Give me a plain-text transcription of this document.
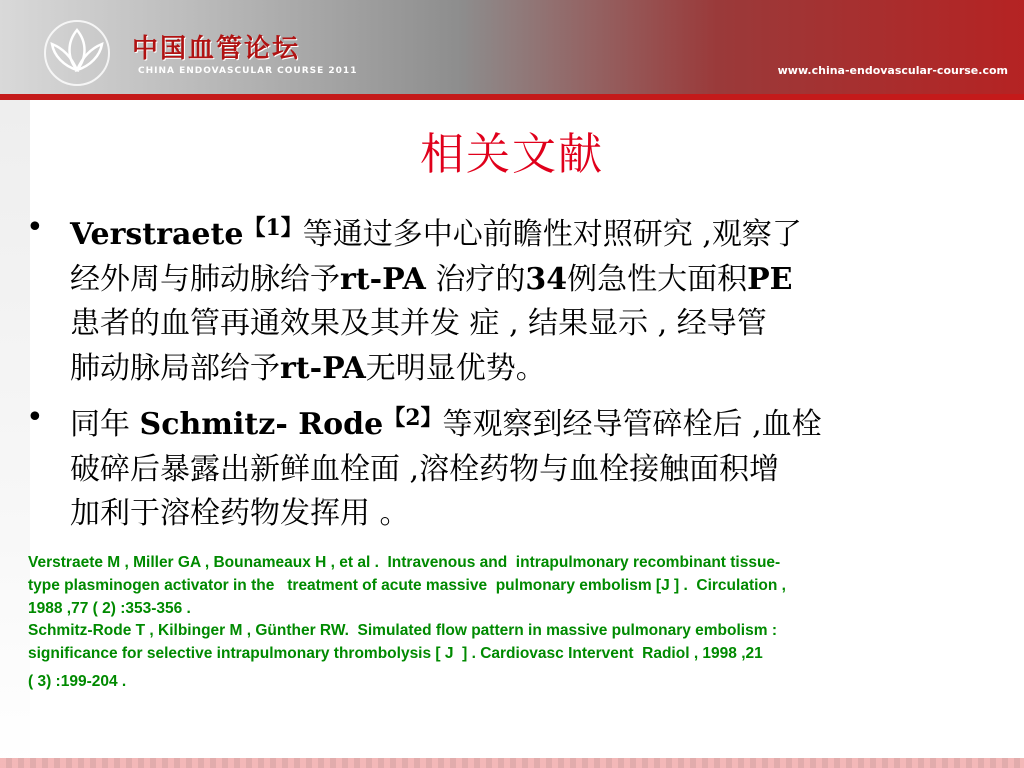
中国血管论坛
CHINA ENDOVASCULAR COURSE 2011	www.china-endovascular-course.com
相关文献
• Verstraete$^{【1】}$等通过多中心前瞻性对照研究 ,观察了
经外周与肺动脉给予rt-PA 治疗的34例急性大面积PE
患者的血管再通效果及其并发 症 , 结果显示 , 经导管
肺动脉局部给予rt-PA无明显优势。
• 同年 Schmitz- Rode$^{【2】}$等观察到经导管碎栓后 ,血栓
破碎后暴露出新鲜血栓面 ,溶栓药物与血栓接触面积增
加利于溶栓药物发挥用 。
Verstraete M , Miller GA , Bounameaux H , et al .  Intravenous and  intrapulmonary recombinant tissue-
type plasminogen activator in the   treatment of acute massive  pulmonary embolism [J ] .  Circulation ,
1988 ,77 ( 2) :353-356 .
Schmitz-Rode T , Kilbinger M , Günther RW.  Simulated flow pattern in massive pulmonary embolism :
significance for selective intrapulmonary thrombolysis [ J  ] . Cardiovasc Intervent  Radiol , 1998 ,21
( 3) :199-204 .
